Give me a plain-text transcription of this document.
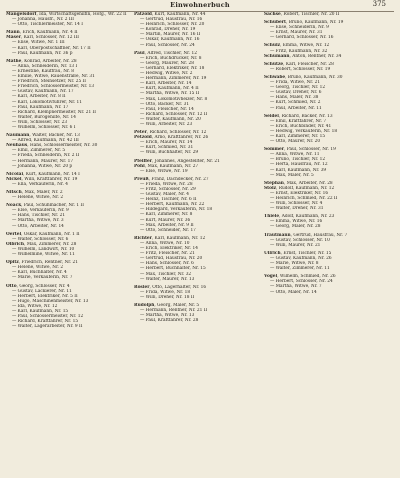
Einwohnerbuch	375
Mangelsdorf, Ida, Wirtschaftsgehilfin, Hofg., Wr. 22 II
— Johanna, Hausfr., Nr. 2 III
— Otto, Tischlermeister, Nr. 14 I
Mann, Erich, Kaufmann, Nr. 4 II
Mäser, Karl, Schlosser, Nr. 12 III
— Elise, Witwe, Nr. 1 III
— Karl, Oberpostschaffner, Nr. 17 II
— Paul, Kaufmann, Nr. 36 p
Mathe, Konrad, Arbeiter, Nr. 28
— Anna, Schneiderin, Nr. 13 I
— Ernestine, Kauffrau, Nr. 8
— Emilie, Witwe, Rauenstraße, Nr. 31
— Friedrich, Steinsetzer, Nr. 25 II
— Friedrich, Schlossermeister, Nr. 13
— Gustav, Kaufmann, Nr. 17
— Karl, Arbeiter, Nr. 8 II
— Karl, Lokomotivführer, Nr. 11
— Paul, Kaufmann, Nr. 17
— Richard, Klempnermeister, Nr. 21 II
— Walter, Bürogehilfe, Nr. 14
— Willi, Schlosser, Nr. 23
— Wilhelm, Schlosser, Nr. 6 I
Naumann, Walter, Bäcker, Nr. 13
— Alfred, Kaufmann, Nr. 42 III
Neuhaus, Hans, Schlossermeister, Nr. 30
— Emil, Zimmerer, Nr. 5
— Frieda, Schneiderin, Nr. 2 II
— Hermann, Maurer, Nr. 17
— Johanna, Witwe, Nr. 20 p
Nicolai, Kurt, Kaufmann, Nr. 14 I
Nickel, Willi, Kraftfahrer, Nr. 19
— Ella, Verkäuferin, Nr. 4
Nitsch, Max, Maler, Nr. 2
— Helene, Witwe, Nr. 2
Noack, Paul, Schuhmacher, Nr. 1 II
— Else, Verkäuferin, Nr. 9
— Hans, Tischler, Nr. 21
— Martha, Witwe, Nr. 3
— Otto, Arbeiter, Nr. 14
Oertel, Oskar, Kaufmann, Nr. 1 II
— Walter, Schlosser, Nr. 6
Olbrich, Max, Zimmerer, Nr. 28
— Wilhelm, Landwirt, Nr. 10
— Wilhelmine, Witwe, Nr. 11
Opitz, Friedrich, Rentner, Nr. 21
— Helene, Witwe, Nr. 2
— Karl, Buchhalter, Nr. 4
— Marie, Verkäuferin, Nr. 7
Otto, Georg, Schlosser, Nr. 4
— Gustav, Lackierer, Nr. 11
— Herbert, Elektriker, Nr. 5 II
— Hugo, Maschinenmeister, Nr. 13
— Ida, Witwe, Nr. 12
— Karl, Kaufmann, Nr. 15
— Paul, Schlossermeister, Nr. 12
— Richard, Kraftfahrer, Nr. 15
— Walter, Lagerarbeiter, Nr. 9 II
Pätzold, Kurt, Kaufmann, Nr. 44
— Gertrud, Hausfrau, Nr. 16
— Heinrich, Schlosser, Nr. 20
— Konrad, Dreher, Nr. 19
— Martin, Maurer, Nr. 16 II
— Oskar, Kaufmann, Nr. 16
— Paul, Schlosser, Nr. 24
Paul, Alfred, Tischler, Nr. 12
— Erich, Buchdrucker, Nr. 8
— Georg, Maurer, Nr. 28
— Gerhard, Elektriker, Nr. 18
— Hedwig, Witwe, Nr. 2
— Hermann, Zimmerer, Nr. 19
— Karl, Arbeiter, Nr. 14
— Kurt, Kaufmann, Nr. 4 II
— Martha, Witwe, Nr. 15 II
— Max, Lokomotivheizer, Nr. 8
— Otto, Bäcker, Nr. 31
— Paul, Fleischer, Nr. 14
— Richard, Schlosser, Nr. 12 II
— Walter, Kaufmann, Nr. 20
— Willi, Arbeiter, Nr. 23
Peter, Richard, Schlosser, Nr. 12
Petzold, Arno, Kraftfahrer, Nr. 26
— Erich, Maurer, Nr. 14
— Kurt, Schmied, Nr. 31
— Willi, Buchhalter, Nr. 29
Pfeiffer, Johannes, Angestellter, Nr. 21
Pohl, Max, Kaufmann, Nr. 27
— Else, Witwe, Nr. 19
Preuß, Franz, Dachdecker, Nr. 27
— Frieda, Witwe, Nr. 28
— Fritz, Schlosser, Nr. 29
— Gustav, Maler, Nr. 4
— Heinz, Tischler, Nr. 6 II
— Herbert, Kaufmann, Nr. 22
— Hildegard, Verkäuferin, Nr. 18
— Karl, Zimmerer, Nr. 8
— Kurt, Maurer, Nr. 36
— Max, Arbeiter, Nr. 9 II
— Otto, Schneider, Nr. 17
Richter, Karl, Kaufmann, Nr. 12
— Anna, Witwe, Nr. 10
— Erich, Elektriker, Nr. 14
— Fritz, Fleischer, Nr. 21
— Gertrud, Hausfrau, Nr. 20
— Hans, Schlosser, Nr. 6
— Herbert, Buchhalter, Nr. 15
— Max, Tischler, Nr. 32
— Walter, Maurer, Nr. 13
Rösler, Otto, Lagerhalter, Nr. 16
— Frida, Witwe, Nr. 18
— Willi, Dreher, Nr. 18 II
Rudolph, Georg, Maler, Nr. 5
— Hermann, Rentner, Nr. 21 II
— Martha, Witwe, Nr. 13
— Paul, Kraftfahrer, Nr. 28
Sachse, Robert, Tischler, Nr. 20 II
Schubert, Bruno, Kaufmann, Nr. 19
— Elise, Schneiderin, Nr. 9
— Ernst, Maurer, Nr. 31
— Gerhard, Schlosser, Nr. 16
Schulz, Emma, Witwe, Nr. 12
— Fritz, Kaufmann, Nr. 32
Schumann, Anton, Rentner, Nr. 34
Schütze, Karl, Fleischer, Nr. 28
— Robert, Schlosser, Nr. 19
Schwabe, Bruno, Kaufmann, Nr. 30
— Frida, Witwe, Nr. 21
— Georg, Tischler, Nr. 12
— Gustav, Dreher, Nr. 6
— Hans, Maler, Nr. 38
— Kurt, Schmied, Nr. 2
— Paul, Arbeiter, Nr. 11
Seidel, Richard, Bäcker, Nr. 13
— Emil, Kraftfahrer, Nr. 7
— Erich, Buchbinder, Nr. 41
— Hedwig, Verkäuferin, Nr. 18
— Karl, Zimmerer, Nr. 15
— Otto, Maurer, Nr. 20
Sommer, Paul, Schlosser, Nr. 19
— Anna, Witwe, Nr. 11
— Bruno, Tischler, Nr. 12
— Herta, Hausfrau, Nr. 12
— Karl, Kaufmann, Nr. 39
— Max, Maler, Nr. 5
Stephan, Max, Arbeiter, Nr. 28
Stolz, Rudolf, Kaufmann, Nr. 12
— Ernst, Elektriker, Nr. 16
— Heinrich, Schmied, Nr. 22 II
— Willi, Schlosser, Nr. 4
— Walter, Dreher, Nr. 31
Thiele, Adolf, Kaufmann, Nr. 23
— Emma, Witwe, Nr. 16
— Georg, Maler, Nr. 28
Trautmann, Gertrud, Hausfrau, Nr. 7
— Gustav, Schlosser, Nr. 10
— Willi, Maurer, Nr. 21
Ullrich, Ernst, Tischler, Nr. 15
— Gustav, Kaufmann, Nr. 26
— Marie, Witwe, Nr. 8
— Walter, Zimmerer, Nr. 11
Vogel, Wilhelm, Schmied, Nr. 26
— Herbert, Schlosser, Nr. 24
— Martha, Witwe, Nr. 7
— Otto, Maler, Nr. 14
